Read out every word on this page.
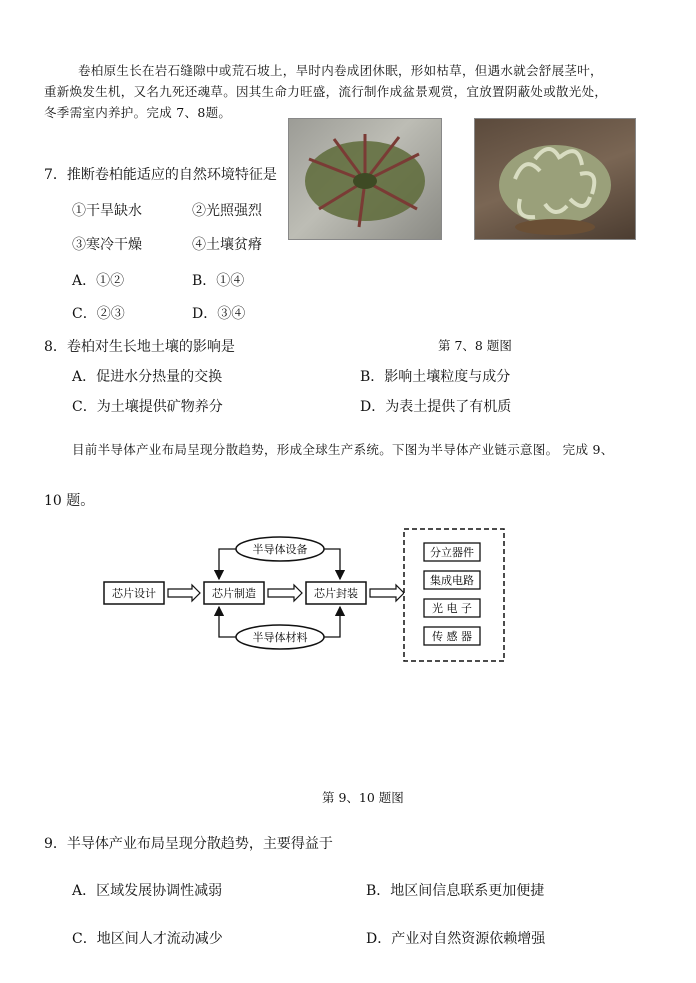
卷柏原生长在岩石缝隙中或荒石坡上，旱时内卷成团休眠，形如枯草，但遇水就会舒展茎叶，

重新焕发生机，又名九死还魂草。因其生命力旺盛，流行制作成盆景观赏，宜放置阴蔽处或散光处，

冬季需室内养护。完成 7、8题。

7．推断卷柏能适应的自然环境特征是
①干旱缺水	②光照强烈
③寒冷干燥	④土壤贫瘠
A．①②	B．①④
C．②③	D．③④
第 7、8 题图
8．卷柏对生长地土壤的影响是
A．促进水分热量的交换	B．影响土壤粒度与成分
C．为土壤提供矿物养分	D．为表土提供了有机质
目前半导体产业布局呈现分散趋势，形成全球生产系统。下图为半导体产业链示意图。 完成 9、
10 题。
芯片设计	芯片制造	芯片封装
半导体设备
半导体材料
分立器件
集成电路
光 电 子
传 感 器
第 9、10 题图
9．半导体产业布局呈现分散趋势，主要得益于
A．区域发展协调性减弱	B．地区间信息联系更加便捷
C．地区间人才流动减少	D．产业对自然资源依赖增强
